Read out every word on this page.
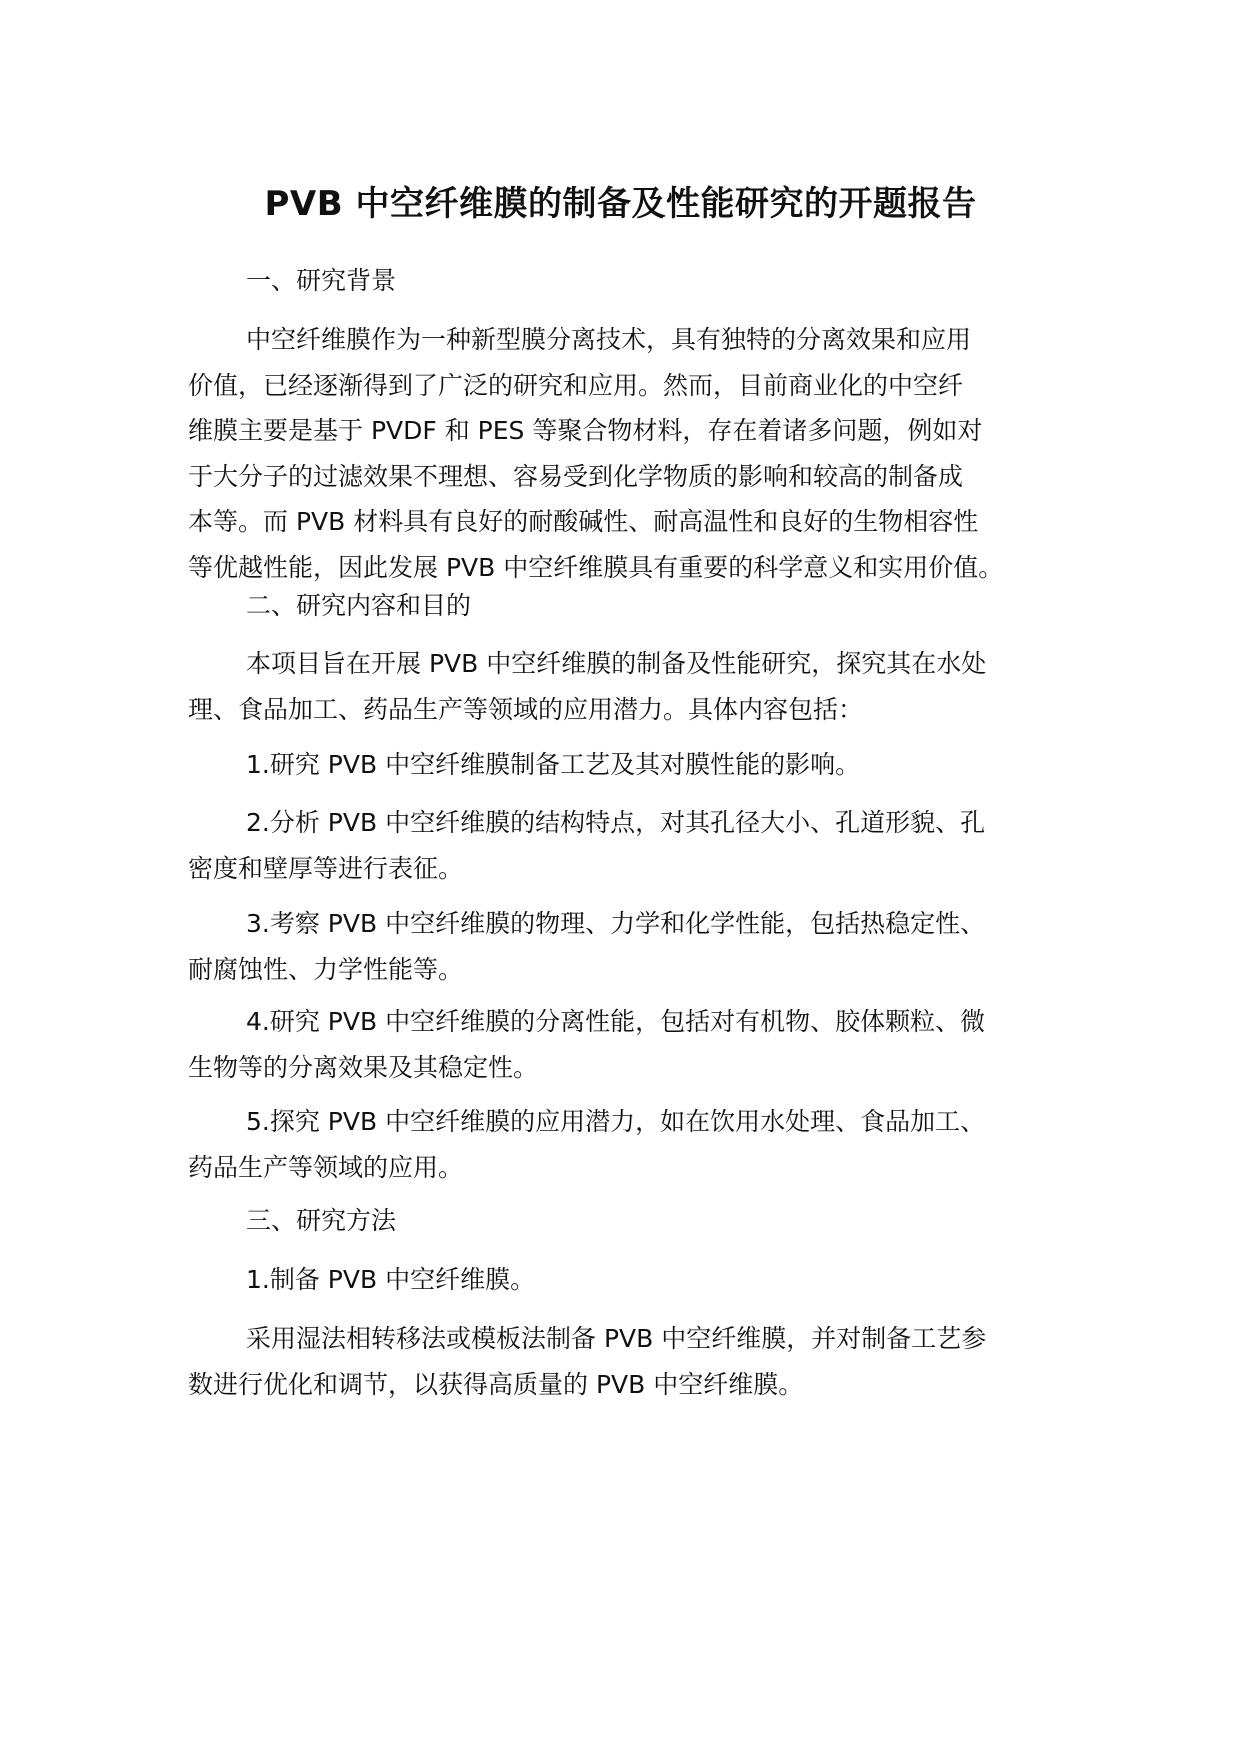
PVB 中空纤维膜的制备及性能研究的开题报告
一、研究背景
中空纤维膜作为一种新型膜分离技术，具有独特的分离效果和应用
价值，已经逐渐得到了广泛的研究和应用。然而，目前商业化的中空纤
维膜主要是基于 PVDF 和 PES 等聚合物材料，存在着诸多问题，例如对
于大分子的过滤效果不理想、容易受到化学物质的影响和较高的制备成
本等。而 PVB 材料具有良好的耐酸碱性、耐高温性和良好的生物相容性
等优越性能，因此发展 PVB 中空纤维膜具有重要的科学意义和实用价值。
二、研究内容和目的
本项目旨在开展 PVB 中空纤维膜的制备及性能研究，探究其在水处
理、食品加工、药品生产等领域的应用潜力。具体内容包括：
1.研究 PVB 中空纤维膜制备工艺及其对膜性能的影响。
2.分析 PVB 中空纤维膜的结构特点，对其孔径大小、孔道形貌、孔
密度和壁厚等进行表征。
3.考察 PVB 中空纤维膜的物理、力学和化学性能，包括热稳定性、
耐腐蚀性、力学性能等。
4.研究 PVB 中空纤维膜的分离性能，包括对有机物、胶体颗粒、微
生物等的分离效果及其稳定性。
5.探究 PVB 中空纤维膜的应用潜力，如在饮用水处理、食品加工、
药品生产等领域的应用。
三、研究方法
1.制备 PVB 中空纤维膜。
采用湿法相转移法或模板法制备 PVB 中空纤维膜，并对制备工艺参
数进行优化和调节，以获得高质量的 PVB 中空纤维膜。
